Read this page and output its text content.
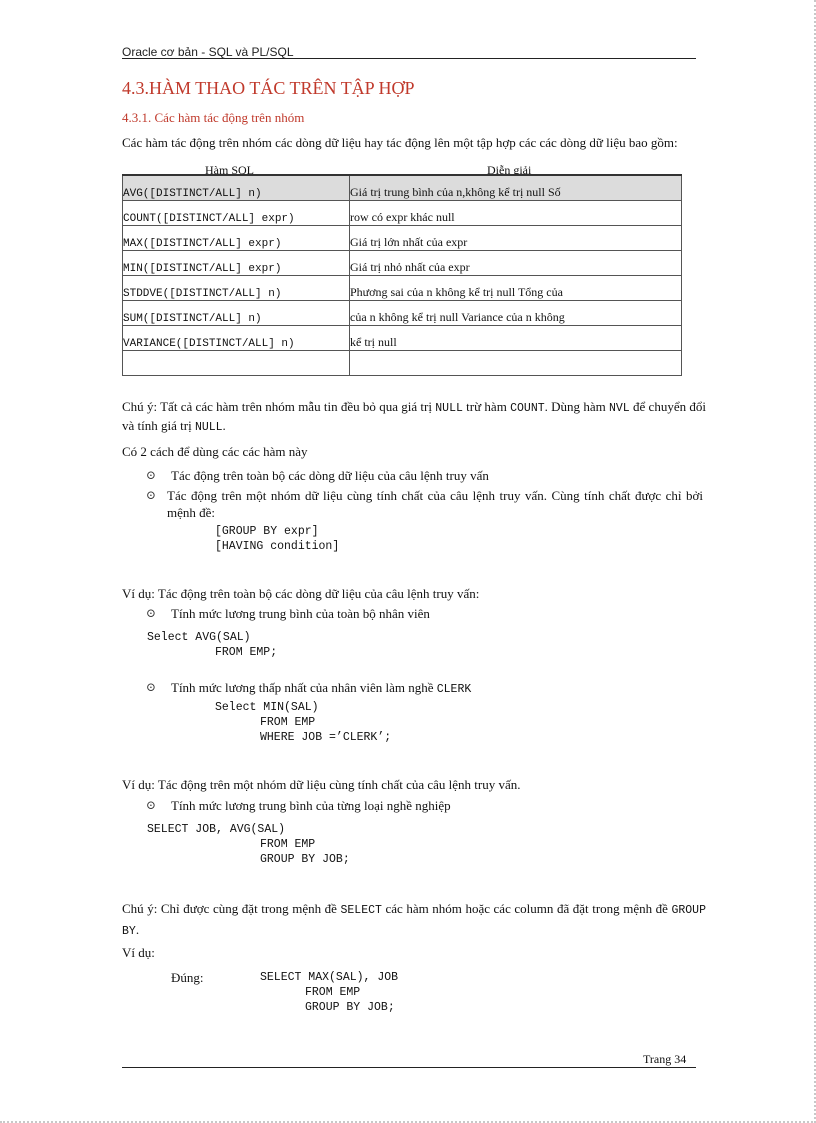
Oracle cơ bản - SQL và PL/SQL
4.3.HÀM THAO TÁC TRÊN TẬP HỢP
4.3.1. Các hàm tác động trên nhóm
Các hàm tác động trên nhóm các dòng dữ liệu hay tác động lên một tập hợp các các dòng dữ liệu bao gồm:
Hàm SQL	Diễn giải
AVG([DISTINCT/ALL] n)	Giá trị trung bình của n,không kể trị null Số
COUNT([DISTINCT/ALL] expr)	row có expr khác null
MAX([DISTINCT/ALL] expr)	Giá trị lớn nhất của expr
MIN([DISTINCT/ALL] expr)	Giá trị nhỏ nhất của expr
STDDVE([DISTINCT/ALL] n)	Phương sai của n không kể trị null Tổng của
SUM([DISTINCT/ALL] n)	của n không kể trị null Variance của n không
VARIANCE([DISTINCT/ALL] n)	kể trị null

Chú ý: Tất cả các hàm trên nhóm mẫu tin đều bỏ qua giá trị NULL trừ hàm COUNT. Dùng hàm NVL để chuyển đổi và tính giá trị NULL.
Có 2 cách để dùng các các hàm này
⊙ Tác động trên toàn bộ các dòng dữ liệu của câu lệnh truy vấn
⊙ Tác động trên một nhóm dữ liệu cùng tính chất của câu lệnh truy vấn. Cùng tính chất được chỉ bởi mệnh đề:
[GROUP BY expr]
[HAVING condition]
Ví dụ: Tác động trên toàn bộ các dòng dữ liệu của câu lệnh truy vấn:
⊙ Tính mức lương trung bình của toàn bộ nhân viên
Select AVG(SAL)
FROM EMP;
⊙ Tính mức lương thấp nhất của nhân viên làm nghề CLERK
Select MIN(SAL)
FROM EMP
WHERE JOB =’CLERK’;
Ví dụ: Tác động trên một nhóm dữ liệu cùng tính chất của câu lệnh truy vấn.
⊙ Tính mức lương trung bình của từng loại nghề nghiệp
SELECT JOB, AVG(SAL)
FROM EMP
GROUP BY JOB;
Chú ý: Chỉ được cùng đặt trong mệnh đề SELECT các hàm nhóm hoặc các column đã đặt trong mệnh đề GROUP BY.
Ví dụ:
Đúng:	SELECT MAX(SAL), JOB
FROM EMP
GROUP BY JOB;
Trang 34
